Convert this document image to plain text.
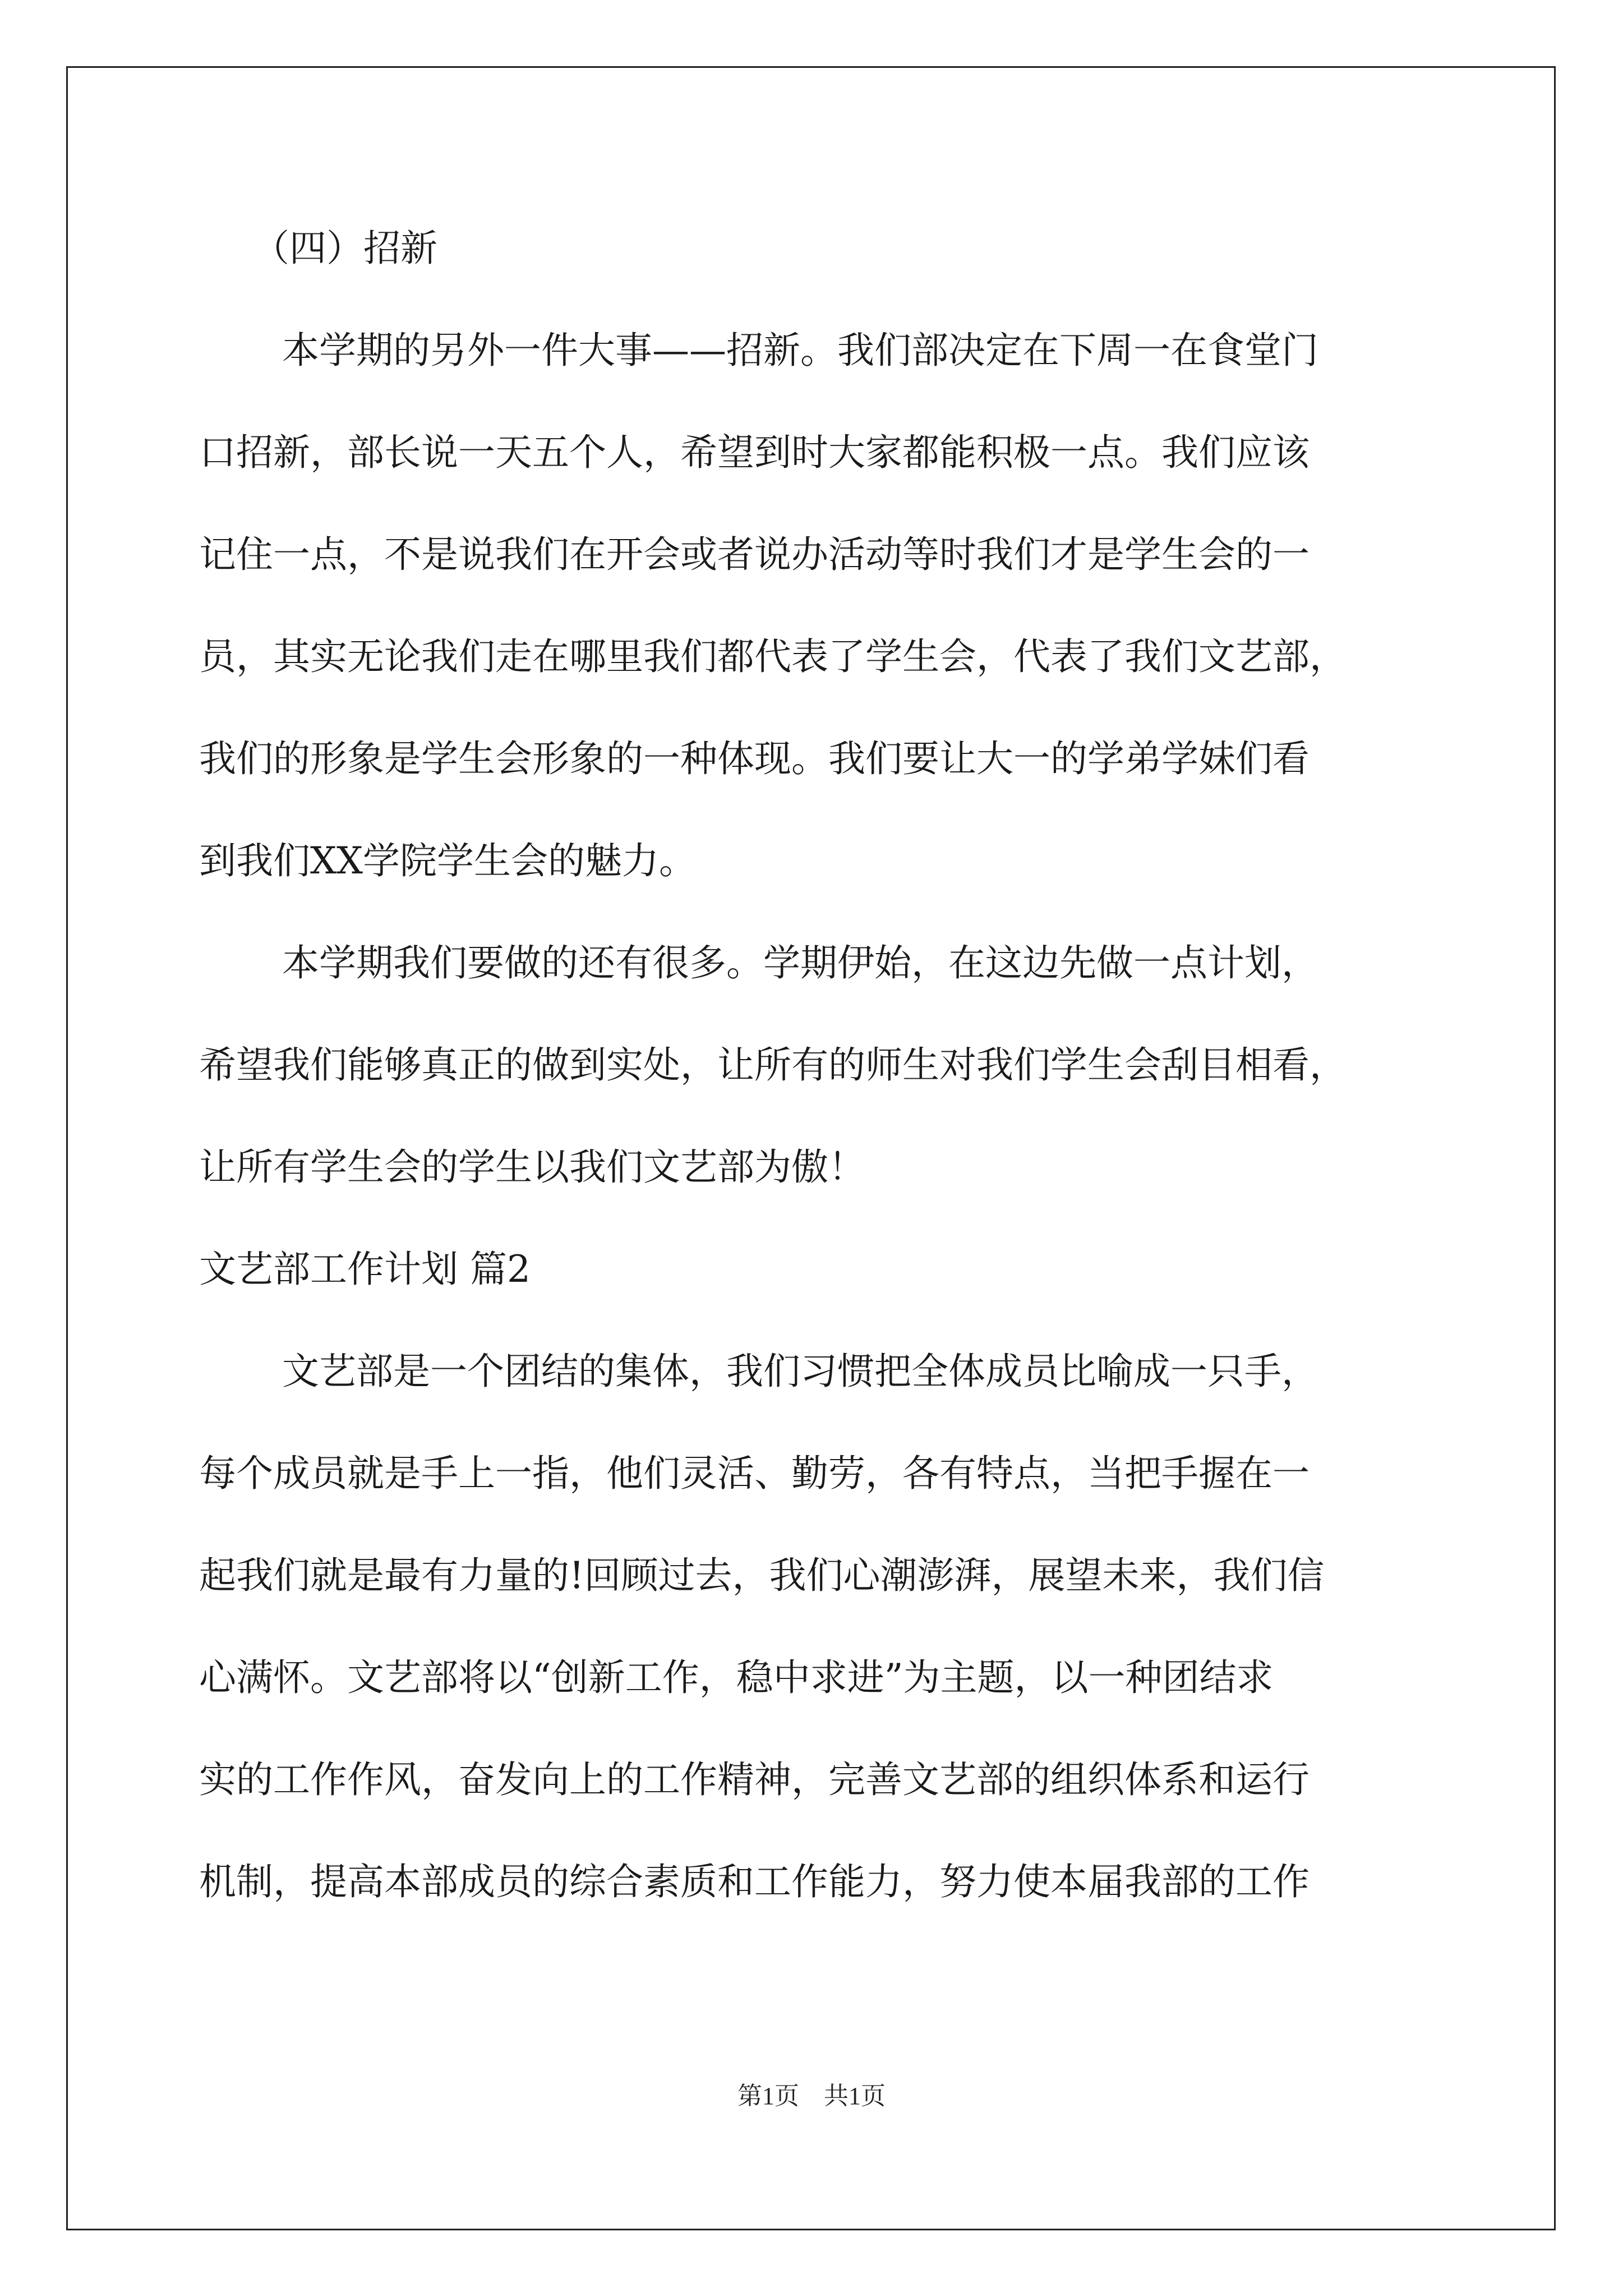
（四）招新
本学期的另外一件大事——招新。我们部决定在下周一在食堂门
口招新，部长说一天五个人，希望到时大家都能积极一点。我们应该
记住一点，不是说我们在开会或者说办活动等时我们才是学生会的一
员，其实无论我们走在哪里我们都代表了学生会，代表了我们文艺部，
我们的形象是学生会形象的一种体现。我们要让大一的学弟学妹们看
到我们XX学院学生会的魅力。
本学期我们要做的还有很多。学期伊始，在这边先做一点计划，
希望我们能够真正的做到实处，让所有的师生对我们学生会刮目相看，
让所有学生会的学生以我们文艺部为傲！
文艺部工作计划 篇2
文艺部是一个团结的集体，我们习惯把全体成员比喻成一只手，
每个成员就是手上一指，他们灵活、勤劳，各有特点，当把手握在一
起我们就是最有力量的!回顾过去，我们心潮澎湃，展望未来，我们信
心满怀。文艺部将以“创新工作，稳中求进”为主题，以一种团结求
实的工作作风，奋发向上的工作精神，完善文艺部的组织体系和运行
机制，提高本部成员的综合素质和工作能力，努力使本届我部的工作
第1页　共1页
